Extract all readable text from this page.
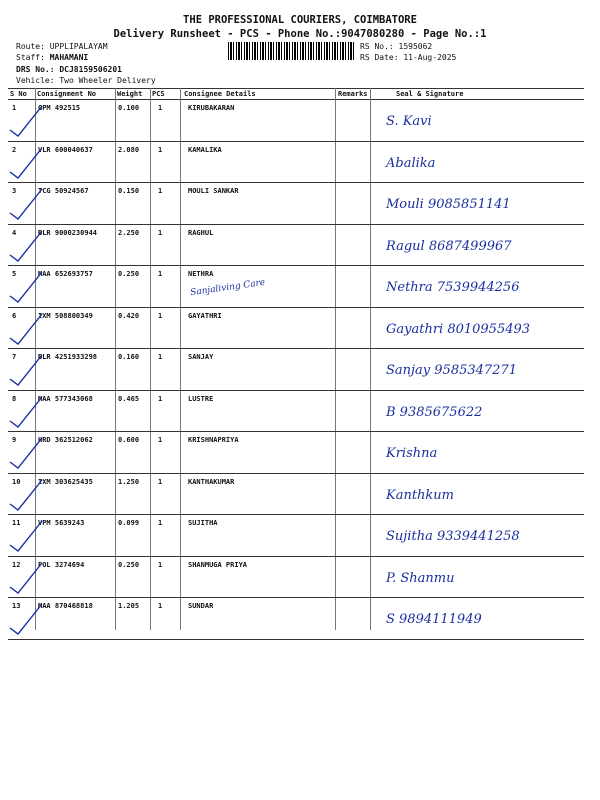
THE PROFESSIONAL COURIERS, COIMBATORE
Delivery Runsheet - PCS - Phone No.:9047080280 - Page No.:1
Route: UPPLIPALAYAM
Staff: MAHAMANI
DRS No.: DCJ8159506201
Vehicle: Two Wheeler Delivery
RS No.: 1595062
RS Date: 11-Aug-2025
S No Consignment No	Weight PCS	Consignee Details	Remarks	Seal & Signature
1	GPM 492515	0.100	1	KIRUBAKARAN
S. Kavi
2	VLR 600040637	2.080	1	KAMALIKA
Abalika
3	TCG 50924567	0.150	1	MOULI SANKAR
Mouli 9085851141
4	BLR 9000230944	2.250	1	RAGHUL
Ragul 8687499967
5	MAA 652693757	0.250	1	NETHRA
Nethra 7539944256
6	IXM 508800349	0.420	1	GAYATHRI
Gayathri 8010955493
7	BLR 4251933298	0.160	1	SANJAY
Sanjay 9585347271
8	MAA 577343068	0.465	1	LUSTRE
B 9385675622
9	HRD 362512062	0.600	1	KRISHNAPRIYA
Krishna
10	IXM 303625435	1.250	1	KANTHAKUMAR
Kanthkum
11	VPM 5639243	0.099	1	SUJITHA
Sujitha 9339441258
12	POL 3274694	0.250	1	SHANMUGA PRIYA
P. Shanmu
13	MAA 870468818	1.205	1	SUNDAR
S 9894111949
Sanjaliving Care
